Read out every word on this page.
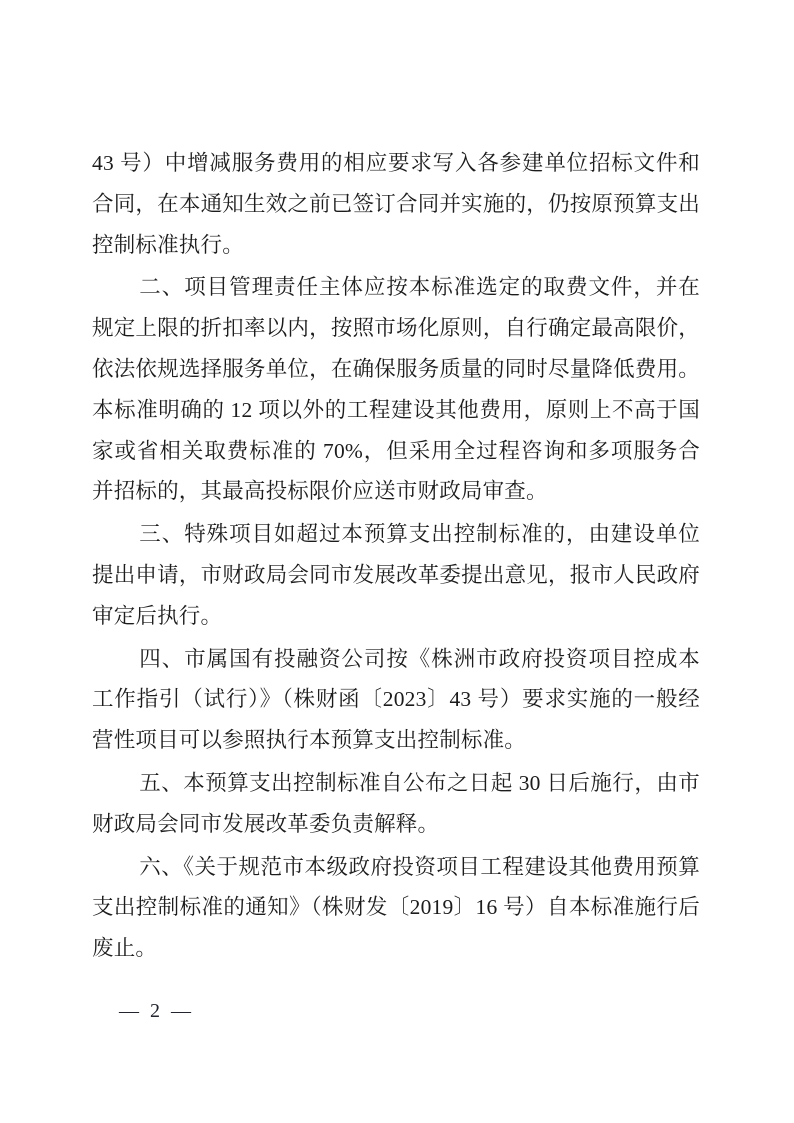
43 号）中增减服务费用的相应要求写入各参建单位招标文件和合同，在本通知生效之前已签订合同并实施的，仍按原预算支出控制标准执行。

二、项目管理责任主体应按本标准选定的取费文件，并在规定上限的折扣率以内，按照市场化原则，自行确定最高限价，依法依规选择服务单位，在确保服务质量的同时尽量降低费用。本标准明确的 12 项以外的工程建设其他费用，原则上不高于国家或省相关取费标准的 70%，但采用全过程咨询和多项服务合并招标的，其最高投标限价应送市财政局审查。

三、特殊项目如超过本预算支出控制标准的，由建设单位提出申请，市财政局会同市发展改革委提出意见，报市人民政府审定后执行。

四、市属国有投融资公司按《株洲市政府投资项目控成本工作指引（试行）》（株财函〔2023〕43 号）要求实施的一般经营性项目可以参照执行本预算支出控制标准。

五、本预算支出控制标准自公布之日起 30 日后施行，由市财政局会同市发展改革委负责解释。

六、《关于规范市本级政府投资项目工程建设其他费用预算支出控制标准的通知》（株财发〔2019〕16 号）自本标准施行后废止。

— 2 —
